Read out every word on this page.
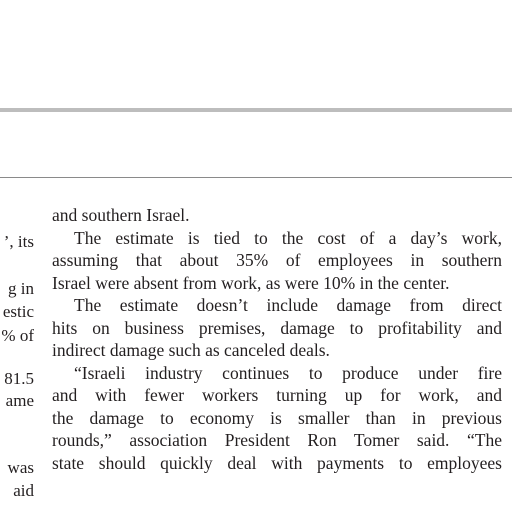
’, its
g in
estic
% of
81.5
ame
was
aid
and southern Israel.
The estimate is tied to the cost of a day’s work,
assuming that about 35% of employees in southern
Israel were absent from work, as were 10% in the center.
The estimate doesn’t include damage from direct
hits on business premises, damage to profitability and
indirect damage such as canceled deals.
“Israeli industry continues to produce under fire
and with fewer workers turning up for work, and
the damage to economy is smaller than in previous
rounds,” association President Ron Tomer said. “The
state should quickly deal with payments to employees
